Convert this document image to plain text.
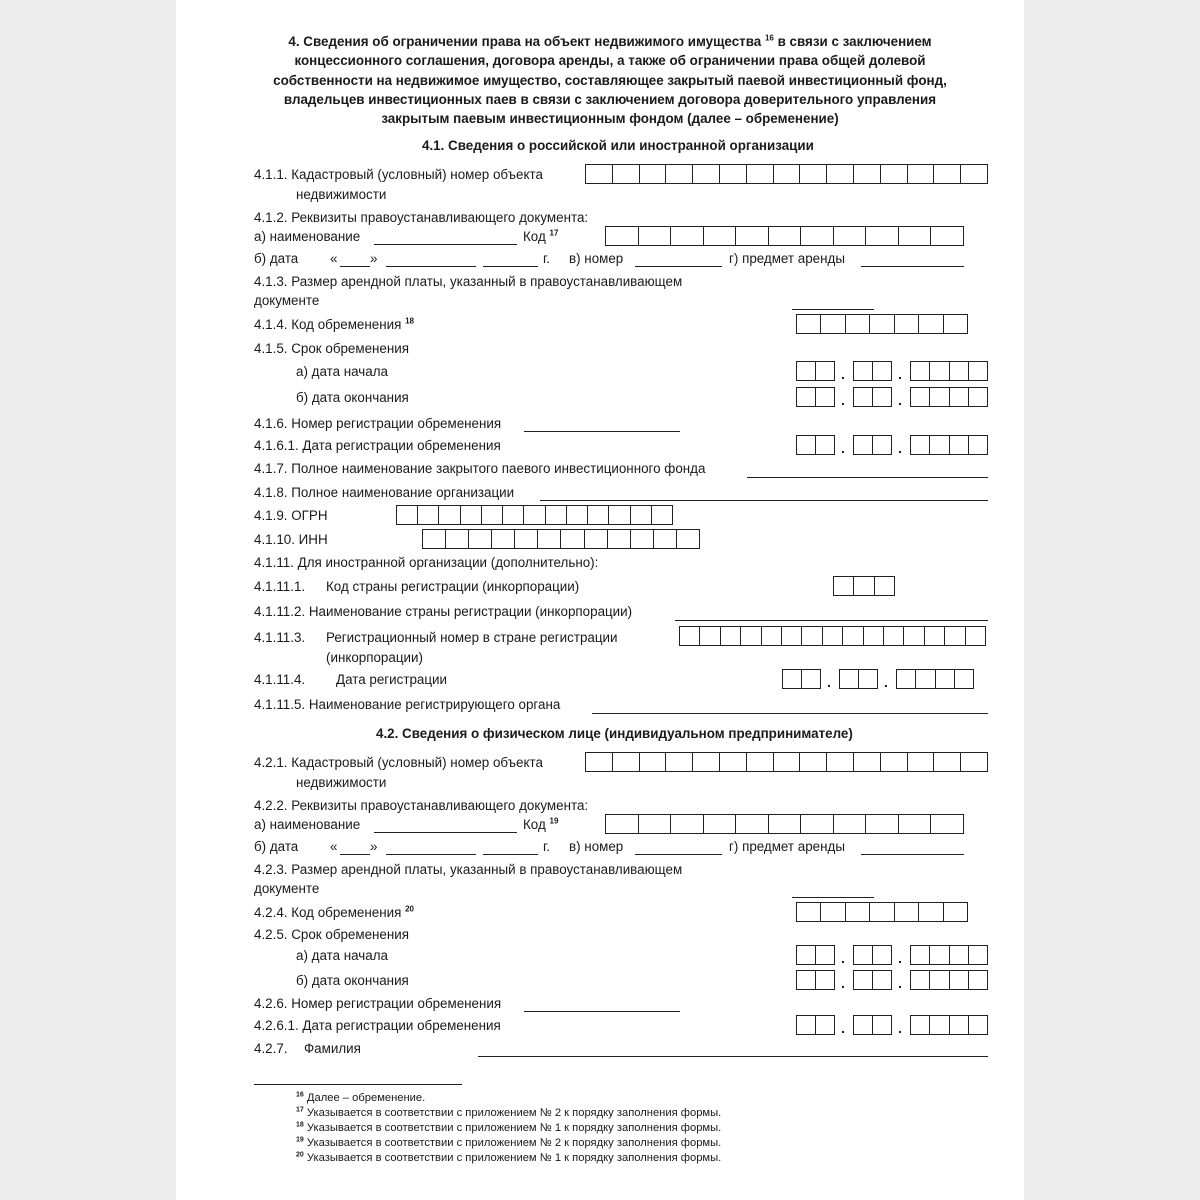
4. Сведения об ограничении права на объект недвижимого имущества $^{16}$ в связи с заключением концессионного соглашения, договора аренды, а также об ограничении права общей долевой собственности на недвижимое имущество, составляющее закрытый паевой инвестиционный фонд, владельцев инвестиционных паев в связи с заключением договора доверительного управления закрытым паевым инвестиционным фондом (далее – обременение)
4.1. Сведения о российской или иностранной организации
4.1.1. Кадастровый (условный) номер объекта
недвижимости
4.1.2. Реквизиты правоустанавливающего документа:
а) наименование	Код $^{17}$
б) дата « »	г. в) номер	г) предмет аренды
4.1.3. Размер арендной платы, указанный в правоустанавливающем
документе
4.1.4. Код обременения $^{18}$
4.1.5. Срок обременения
а) дата начала
б) дата окончания
4.1.6. Номер регистрации обременения
4.1.6.1. Дата регистрации обременения
4.1.7. Полное наименование закрытого паевого инвестиционного фонда
4.1.8. Полное наименование организации
4.1.9. ОГРН
4.1.10. ИНН
4.1.11. Для иностранной организации (дополнительно):
4.1.11.1. Код страны регистрации (инкорпорации)
4.1.11.2. Наименование страны регистрации (инкорпорации)
4.1.11.3. Регистрационный номер в стране регистрации
(инкорпорации)
4.1.11.4. Дата регистрации
4.1.11.5. Наименование регистрирующего органа
4.2. Сведения о физическом лице (индивидуальном предпринимателе)
4.2.1. Кадастровый (условный) номер объекта
недвижимости
4.2.2. Реквизиты правоустанавливающего документа:
а) наименование	Код $^{19}$
б) дата « »	г. в) номер	г) предмет аренды
4.2.3. Размер арендной платы, указанный в правоустанавливающем
документе
4.2.4. Код обременения $^{20}$
4.2.5. Срок обременения
а) дата начала
б) дата окончания
4.2.6. Номер регистрации обременения
4.2.6.1. Дата регистрации обременения
4.2.7. Фамилия
$^{16}$ Далее – обременение.
$^{17}$ Указывается в соответствии с приложением № 2 к порядку заполнения формы.
$^{18}$ Указывается в соответствии с приложением № 1 к порядку заполнения формы.
$^{19}$ Указывается в соответствии с приложением № 2 к порядку заполнения формы.
$^{20}$ Указывается в соответствии с приложением № 1 к порядку заполнения формы.
.	.
.	.
.	.
.	.
.	.
.	.
.	.
